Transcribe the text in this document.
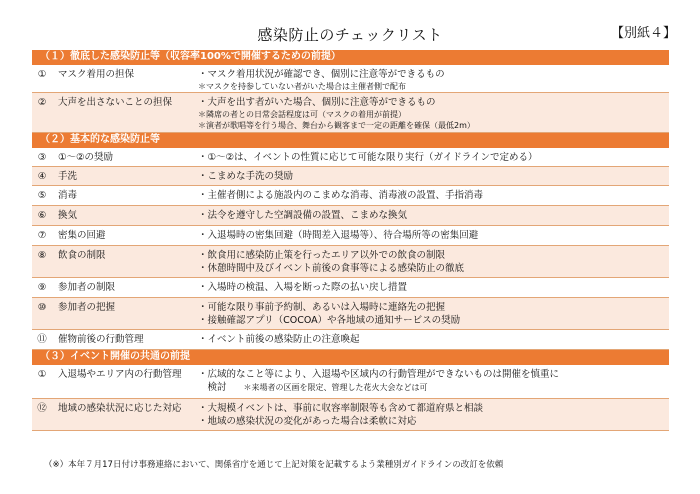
感染防止のチェックリスト	【別紙４】
（１）徹底した感染防止等（収容率100%で開催するための前提）		
①	マスク着用の担保	・マスク着用状況が確認でき、個別に注意等ができるもの
＊マスクを持参していない者がいた場合は主催者側で配布

②	大声を出さないことの担保	・大声を出す者がいた場合、個別に注意等ができるもの
＊隣席の者との日常会話程度は可（マスクの着用が前提）
＊演者が歌唱等を行う場合、舞台から観客まで一定の距離を確保（最低2m）

（２）基本的な感染防止等		
③	①～②の奨励	・①～②は、イベントの性質に応じて可能な限り実行（ガイドラインで定める）

④	手洗	・こまめな手洗の奨励

⑤	消毒	・主催者側による施設内のこまめな消毒、消毒液の設置、手指消毒

⑥	換気	・法令を遵守した空調設備の設置、こまめな換気

⑦	密集の回避	・入退場時の密集回避（時間差入退場等）、待合場所等の密集回避

⑧	飲食の制限	・飲食用に感染防止策を行ったエリア以外での飲食の制限
・休憩時間中及びイベント前後の食事等による感染防止の徹底

⑨	参加者の制限	・入場時の検温、入場を断った際の払い戻し措置

⑩	参加者の把握	・可能な限り事前予約制、あるいは入場時に連絡先の把握
・接触確認アプリ（COCOA）や各地域の通知サービスの奨励

⑪	催物前後の行動管理	・イベント前後の感染防止の注意喚起

（３）イベント開催の共通の前提		
①	入退場やエリア内の行動管理	・広域的なこと等により、入退場や区域内の行動管理ができないものは開催を慎重に
　検討 ＊来場者の区画を限定、管理した花火大会などは可

⑫	地域の感染状況に応じた対応	・大規模イベントは、事前に収容率制限等も含めて都道府県と相談
・地域の感染状況の変化があった場合は柔軟に対応
（※）本年７月17日付け事務連絡において、関係省庁を通じて上記対策を記載するよう業種別ガイドラインの改訂を依頼
